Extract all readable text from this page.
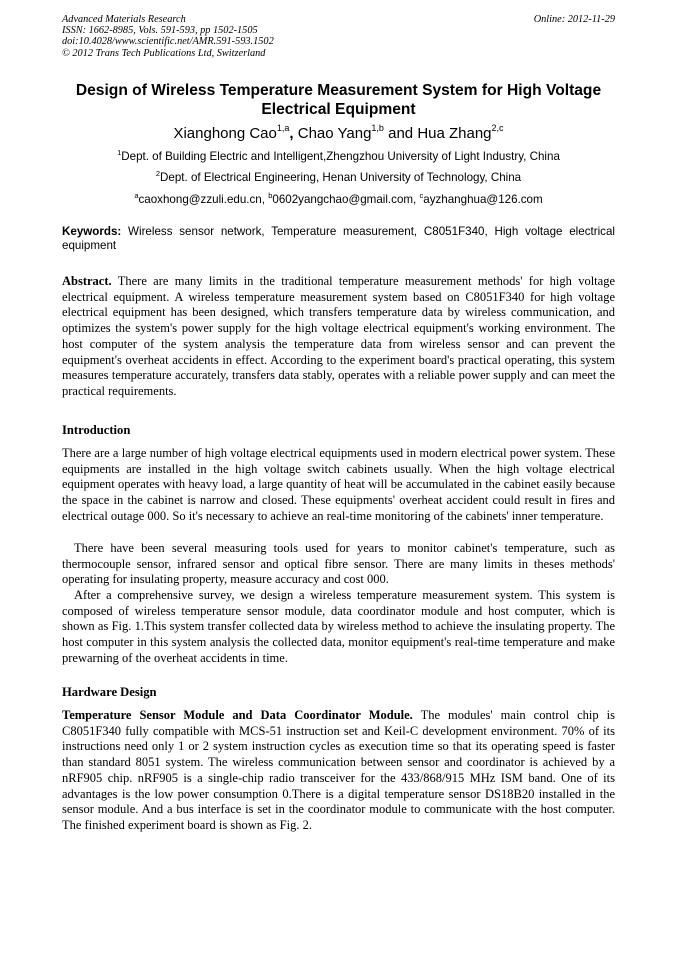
Advanced Materials Research
ISSN: 1662-8985, Vols. 591-593, pp 1502-1505
doi:10.4028/www.scientific.net/AMR.591-593.1502
© 2012 Trans Tech Publications Ltd, Switzerland
Online: 2012-11-29
Design of Wireless Temperature Measurement System for High Voltage Electrical Equipment
Xianghong Cao$^{1,a}$, Chao Yang$^{1,b}$ and Hua Zhang$^{2,c}$
$^1$Dept. of Building Electric and Intelligent,Zhengzhou University of Light Industry, China
$^2$Dept. of Electrical Engineering, Henan University of Technology, China
$^a$caoxhong@zzuli.edu.cn, $^b$0602yangchao@gmail.com, $^c$ayzhanghua@126.com
Keywords: Wireless sensor network, Temperature measurement, C8051F340, High voltage electrical equipment
Abstract. There are many limits in the traditional temperature measurement methods' for high voltage electrical equipment. A wireless temperature measurement system based on C8051F340 for high voltage electrical equipment has been designed, which transfers temperature data by wireless communication, and optimizes the system's power supply for the high voltage electrical equipment's working environment. The host computer of the system analysis the temperature data from wireless sensor and can prevent the equipment's overheat accidents in effect. According to the experiment board's practical operating, this system measures temperature accurately, transfers data stably, operates with a reliable power supply and can meet the practical requirements.
Introduction
There are a large number of high voltage electrical equipments used in modern electrical power system. These equipments are installed in the high voltage switch cabinets usually. When the high voltage electrical equipment operates with heavy load, a large quantity of heat will be accumulated in the cabinet easily because the space in the cabinet is narrow and closed. These equipments' overheat accident could result in fires and electrical outage 000. So it's necessary to achieve an real-time monitoring of the cabinets' inner temperature.
There have been several measuring tools used for years to monitor cabinet's temperature, such as thermocouple sensor, infrared sensor and optical fibre sensor. There are many limits in theses methods' operating for insulating property, measure accuracy and cost 000.
After a comprehensive survey, we design a wireless temperature measurement system. This system is composed of wireless temperature sensor module, data coordinator module and host computer, which is shown as Fig. 1.This system transfer collected data by wireless method to achieve the insulating property. The host computer in this system analysis the collected data, monitor equipment's real-time temperature and make prewarning of the overheat accidents in time.
Hardware Design
Temperature Sensor Module and Data Coordinator Module. The modules' main control chip is C8051F340 fully compatible with MCS-51 instruction set and Keil-C development environment. 70% of its instructions need only 1 or 2 system instruction cycles as execution time so that its operating speed is faster than standard 8051 system. The wireless communication between sensor and coordinator is achieved by a nRF905 chip. nRF905 is a single-chip radio transceiver for the 433/868/915 MHz ISM band. One of its advantages is the low power consumption 0.There is a digital temperature sensor DS18B20 installed in the sensor module. And a bus interface is set in the coordinator module to communicate with the host computer. The finished experiment board is shown as Fig. 2.
